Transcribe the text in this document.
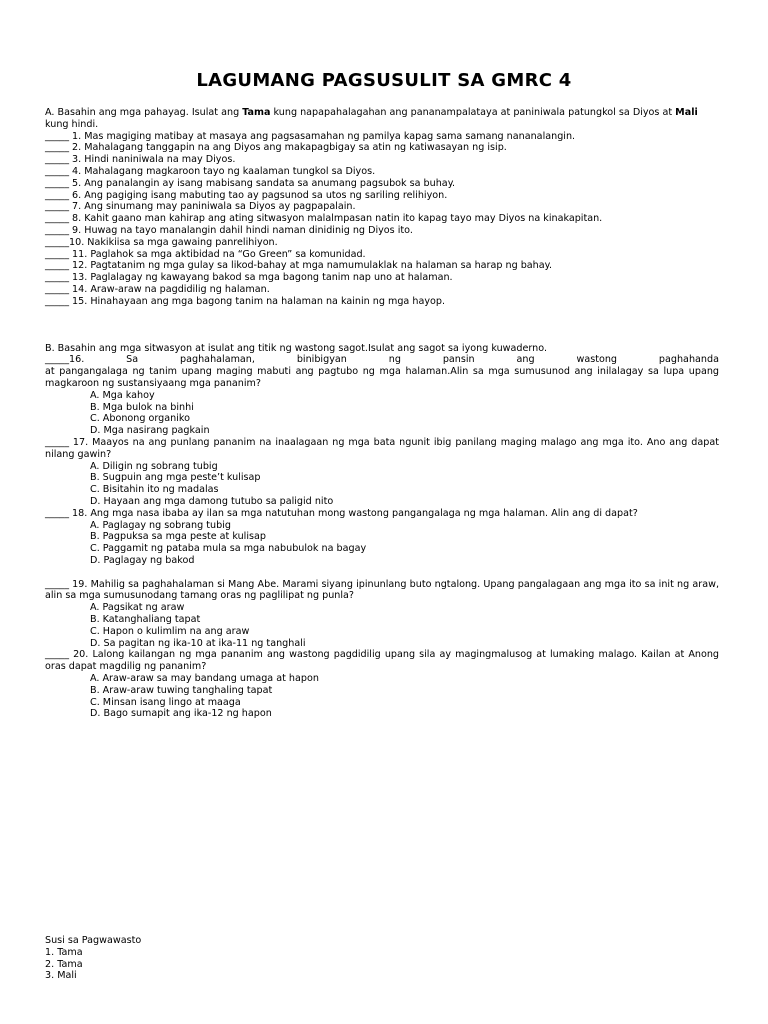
LAGUMANG PAGSUSULIT SA GMRC 4

A. Basahin ang mga pahayag. Isulat ang Tama kung napapahalagahan ang pananampalataya at paniniwala patungkol sa Diyos at Mali kung hindi.

_____ 1. Mas magiging matibay at masaya ang pagsasamahan ng pamilya kapag sama samang nananalangin.

_____ 2. Mahalagang tanggapin na ang Diyos ang makapagbigay sa atin ng katiwasayan ng isip.

_____ 3. Hindi naniniwala na may Diyos.

_____ 4. Mahalagang magkaroon tayo ng kaalaman tungkol sa Diyos.

_____ 5. Ang panalangin ay isang mabisang sandata sa anumang pagsubok sa buhay.

_____ 6. Ang pagiging isang mabuting tao ay pagsunod sa utos ng sariling relihiyon.

_____ 7. Ang sinumang may paniniwala sa Diyos ay pagpapalain.

_____ 8. Kahit gaano man kahirap ang ating sitwasyon malalmpasan natin ito kapag tayo may Diyos na kinakapitan.

_____ 9. Huwag na tayo manalangin dahil hindi naman dinidinig ng Diyos ito.

_____10. Nakikiisa sa mga gawaing panrelihiyon.

_____ 11. Paglahok sa mga aktibidad na “Go Green” sa komunidad.

_____ 12. Pagtatanim ng mga gulay sa likod-bahay at mga namumulaklak na halaman sa harap ng bahay.

_____ 13. Paglalagay ng kawayang bakod sa mga bagong tanim nap uno at halaman.

_____ 14. Araw-araw na pagdidilig ng halaman.

_____ 15. Hinahayaan ang mga bagong tanim na halaman na kainin ng mga hayop.

B. Basahin ang mga sitwasyon at isulat ang titik ng wastong sagot.Isulat ang sagot sa iyong kuwaderno.

_____16.	Sa	paghahalaman,	binibigyan	ng	pansin	ang	wastong	paghahanda

at pangangalaga ng tanim upang maging mabuti ang pagtubo ng mga halaman.Alin sa mga sumusunod ang inilalagay sa lupa upang magkaroon ng sustansiyaang mga pananim?

A. Mga kahoy

B. Mga bulok na binhi

C. Abonong organiko

D. Mga nasirang pagkain

_____ 17. Maayos na ang punlang pananim na inaalagaan ng mga bata ngunit ibig panilang maging malago ang mga ito. Ano ang dapat nilang gawin?

A. Diligin ng sobrang tubig

B. Sugpuin ang mga peste’t kulisap

C. Bisitahin ito ng madalas

D. Hayaan ang mga damong tutubo sa paligid nito

_____ 18. Ang mga nasa ibaba ay ilan sa mga natutuhan mong wastong pangangalaga ng mga halaman. Alin ang di dapat?

A. Paglagay ng sobrang tubig

B. Pagpuksa sa mga peste at kulisap

C. Paggamit ng pataba mula sa mga nabubulok na bagay

D. Paglagay ng bakod

_____ 19. Mahilig sa paghahalaman si Mang Abe. Marami siyang ipinunlang buto ngtalong. Upang pangalagaan ang mga ito sa init ng araw, alin sa mga sumusunodang tamang oras ng paglilipat ng punla?

A. Pagsikat ng araw

B. Katanghaliang tapat

C. Hapon o kulimlim na ang araw

D. Sa pagitan ng ika-10 at ika-11 ng tanghali

_____ 20. Lalong kailangan ng mga pananim ang wastong pagdidilig upang sila ay magingmalusog at lumaking malago. Kailan at Anong oras dapat magdilig ng pananim?

A. Araw-araw sa may bandang umaga at hapon

B. Araw-araw tuwing tanghaling tapat

C. Minsan isang lingo at maaga

D. Bago sumapit ang ika-12 ng hapon

Susi sa Pagwawasto

1. Tama

2. Tama

3. Mali
